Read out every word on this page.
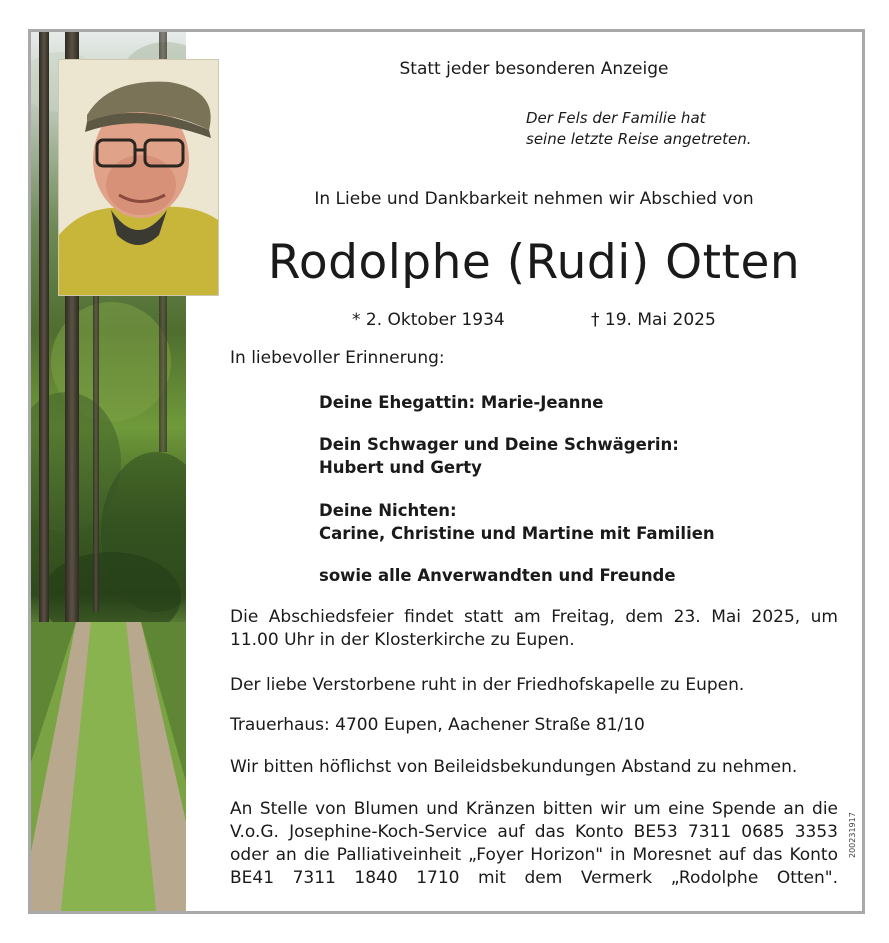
Statt jeder besonderen Anzeige
Der Fels der Familie hat
seine letzte Reise angetreten.
In Liebe und Dankbarkeit nehmen wir Abschied von
Rodolphe (Rudi) Otten
* 2. Oktober 1934	† 19. Mai 2025
In liebevoller Erinnerung:
Deine Ehegattin: Marie-Jeanne
Dein Schwager und Deine Schwägerin:
Hubert und Gerty
Deine Nichten:
Carine, Christine und Martine mit Familien
sowie alle Anverwandten und Freunde
Die Abschiedsfeier findet statt am Freitag, dem 23. Mai 2025, um 11.00 Uhr in der Klosterkirche zu Eupen.
Der liebe Verstorbene ruht in der Friedhofskapelle zu Eupen.
Trauerhaus: 4700 Eupen, Aachener Straße 81/10
Wir bitten höflichst von Beileidsbekundungen Abstand zu nehmen.
An Stelle von Blumen und Kränzen bitten wir um eine Spende an die V.o.G. Josephine-Koch-Service auf das Konto BE53 7311 0685 3353 oder an die Palliativeinheit „Foyer Horizon" in Moresnet auf das Konto BE41 7311 1840 1710 mit dem Vermerk „Rodolphe Otten".
200231917
